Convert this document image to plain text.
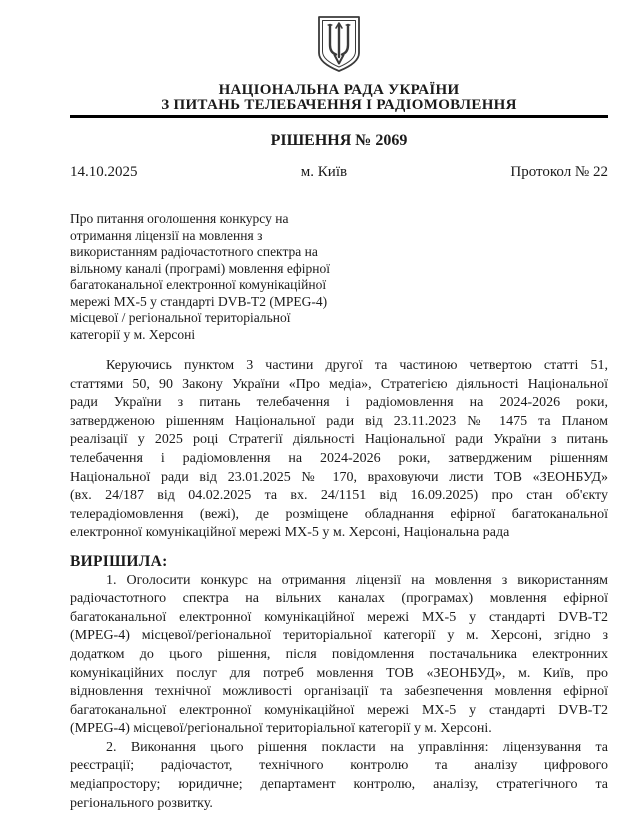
НАЦІОНАЛЬНА РАДА УКРАЇНИ
З ПИТАНЬ ТЕЛЕБАЧЕННЯ І РАДІОМОВЛЕННЯ
РІШЕННЯ № 2069
14.10.2025	м. Київ	Протокол № 22
Про питання оголошення конкурсу на
отримання ліцензії на мовлення з
використанням радіочастотного спектра на
вільному каналі (програмі) мовлення ефірної
багатоканальної електронної комунікаційної
мережі МХ-5 у стандарті DVB-T2 (MPEG-4)
місцевої / регіональної територіальної
категорії у м. Херсоні
Керуючись пунктом 3 частини другої та частиною четвертою статті 51,
статтями 50, 90 Закону України «Про медіа», Стратегією діяльності Національної
ради України з питань телебачення і радіомовлення на 2024-2026 роки,
затвердженою рішенням Національної ради від 23.11.2023 № 1475 та Планом
реалізації у 2025 році Стратегії діяльності Національної ради України з питань
телебачення і радіомовлення на 2024-2026 роки, затвердженим рішенням
Національної ради від 23.01.2025 № 170, враховуючи листи ТОВ «ЗЕОНБУД»
(вх. 24/187 від 04.02.2025 та вх. 24/1151 від 16.09.2025) про стан об'єкту
телерадіомовлення (вежі), де розміщене обладнання ефірної багатоканальної
електронної комунікаційної мережі МХ-5 у м. Херсоні, Національна рада
ВИРІШИЛА:
1. Оголосити конкурс на отримання ліцензії на мовлення з використанням
радіочастотного спектра на вільних каналах (програмах) мовлення ефірної
багатоканальної електронної комунікаційної мережі МХ-5 у стандарті DVB-T2
(MPEG-4) місцевої/регіональної територіальної категорії у м. Херсоні, згідно з
додатком до цього рішення, після повідомлення постачальника електронних
комунікаційних послуг для потреб мовлення ТОВ «ЗЕОНБУД», м. Київ, про
відновлення технічної можливості організації та забезпечення мовлення ефірної
багатоканальної електронної комунікаційної мережі МХ-5 у стандарті DVB-T2
(MPEG-4) місцевої/регіональної територіальної категорії у м. Херсоні.
2. Виконання цього рішення покласти на управління: ліцензування та
реєстрації; радіочастот, технічного контролю та аналізу цифрового
медіапростору; юридичне; департамент контролю, аналізу, стратегічного та
регіонального розвитку.
